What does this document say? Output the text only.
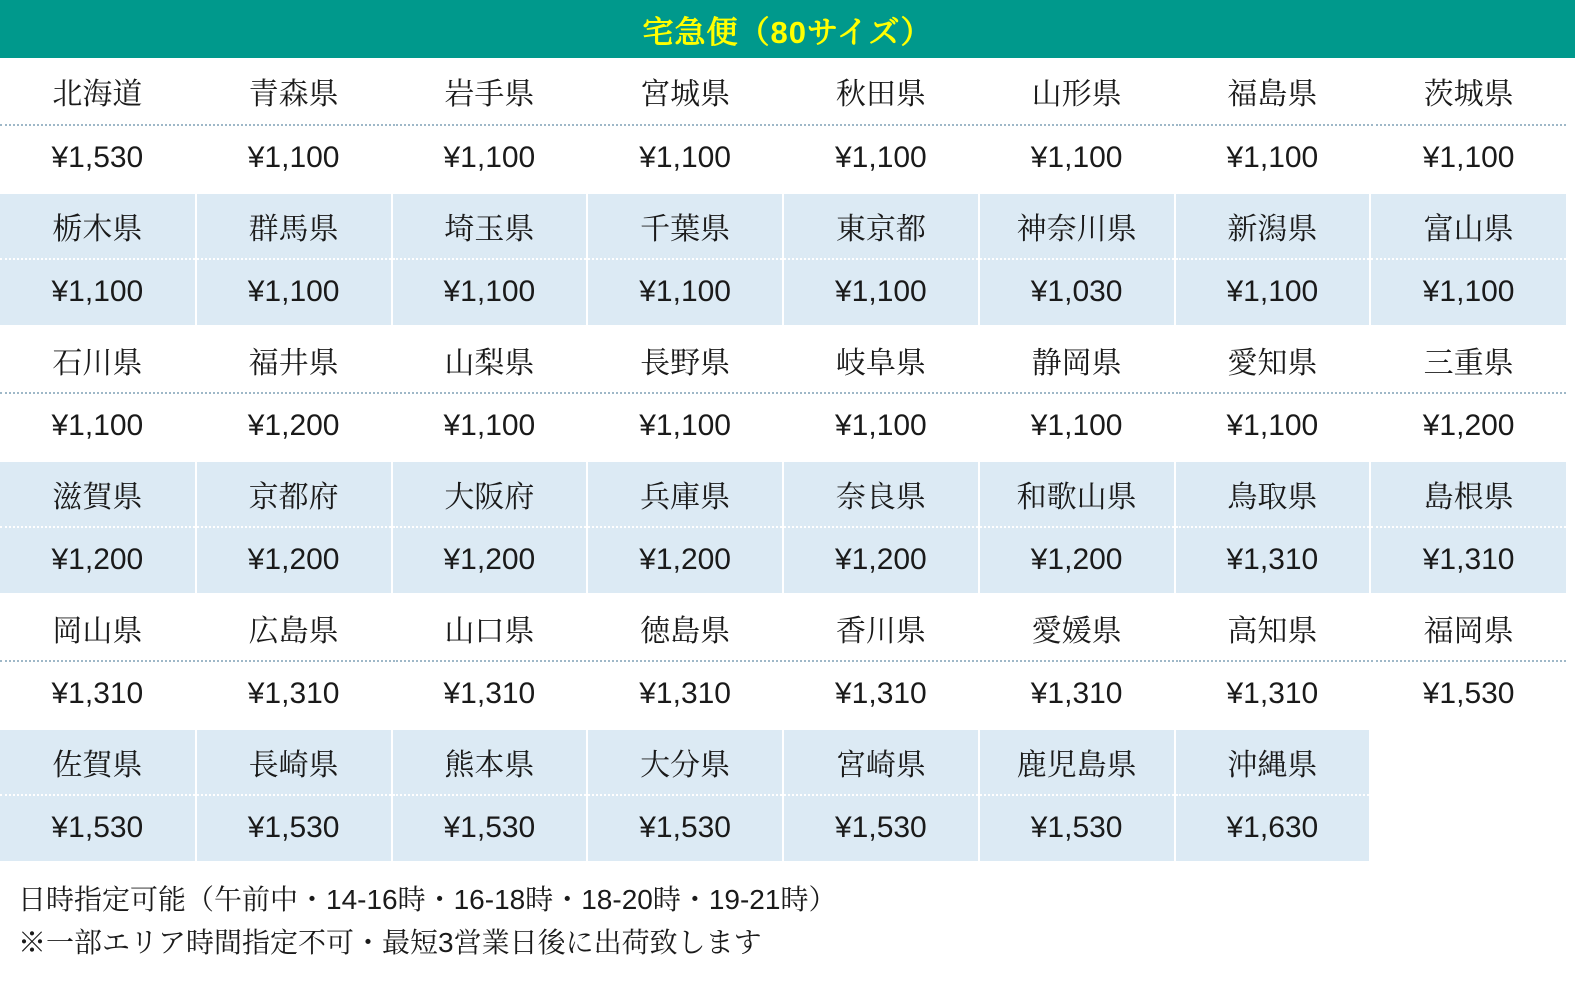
宅急便（80サイズ）
北海道	青森県	岩手県	宮城県	秋田県	山形県	福島県	茨城県
¥1,530	¥1,100	¥1,100	¥1,100	¥1,100	¥1,100	¥1,100	¥1,100
栃木県	群馬県	埼玉県	千葉県	東京都	神奈川県	新潟県	富山県
¥1,100	¥1,100	¥1,100	¥1,100	¥1,100	¥1,030	¥1,100	¥1,100
石川県	福井県	山梨県	長野県	岐阜県	静岡県	愛知県	三重県
¥1,100	¥1,200	¥1,100	¥1,100	¥1,100	¥1,100	¥1,100	¥1,200
滋賀県	京都府	大阪府	兵庫県	奈良県	和歌山県	鳥取県	島根県
¥1,200	¥1,200	¥1,200	¥1,200	¥1,200	¥1,200	¥1,310	¥1,310
岡山県	広島県	山口県	徳島県	香川県	愛媛県	高知県	福岡県
¥1,310	¥1,310	¥1,310	¥1,310	¥1,310	¥1,310	¥1,310	¥1,530
佐賀県	長崎県	熊本県	大分県	宮崎県	鹿児島県	沖縄県	
¥1,530	¥1,530	¥1,530	¥1,530	¥1,530	¥1,530	¥1,630	
日時指定可能（午前中・14-16時・16-18時・18-20時・19-21時）
※一部エリア時間指定不可・最短3営業日後に出荷致します
